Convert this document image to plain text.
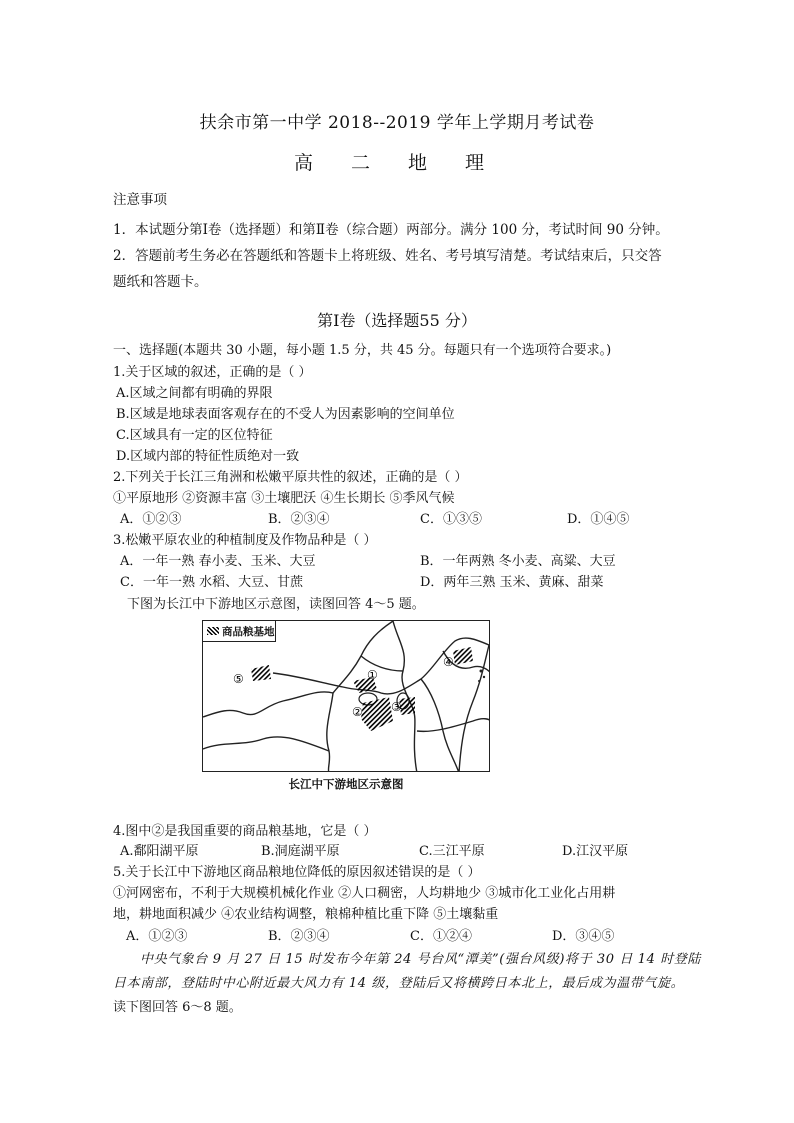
扶余市第一中学 2018--2019 学年上学期月考试卷
高 二 地 理
注意事项
1．本试题分第Ⅰ卷（选择题）和第Ⅱ卷（综合题）两部分。满分 100 分，考试时间 90 分钟。
2．答题前考生务必在答题纸和答题卡上将班级、姓名、考号填写清楚。考试结束后，只交答
题纸和答题卡。
第Ⅰ卷（选择题55 分）
一、选择题(本题共 30 小题，每小题 1.5 分，共 45 分。每题只有一个选项符合要求。)
1.关于区域的叙述，正确的是（ ）
A.区域之间都有明确的界限
B.区域是地球表面客观存在的不受人为因素影响的空间单位
C.区域具有一定的区位特征
D.区域内部的特征性质绝对一致
2.下列关于长江三角洲和松嫩平原共性的叙述，正确的是（ ）
①平原地形 ②资源丰富 ③土壤肥沃 ④生长期长 ⑤季风气候
A．①②③	B．②③④	C．①③⑤	D．①④⑤
3.松嫩平原农业的种植制度及作物品种是（ ）
A．一年一熟 春小麦、玉米、大豆	B．一年两熟 冬小麦、高粱、大豆
C．一年一熟 水稻、大豆、甘蔗	D．两年三熟 玉米、黄麻、甜菜
下图为长江中下游地区示意图，读图回答 4～5 题。
①
② ③
④
⑤
商品粮基地
长江中下游地区示意图
4.图中②是我国重要的商品粮基地，它是（ ）
A.鄱阳湖平原	B.洞庭湖平原	C.三江平原	D.江汉平原
5.关于长江中下游地区商品粮地位降低的原因叙述错误的是（ ）
①河网密布，不利于大规模机械化作业 ②人口稠密，人均耕地少 ③城市化工业化占用耕
地，耕地面积减少 ④农业结构调整，粮棉种植比重下降 ⑤土壤黏重
A．①②③	B．②③④	C．①②④	D．③④⑤
中央气象台 9 月 27 日 15 时发布今年第 24 号台风“潭美”(强台风级)将于 30 日 14 时登陆
日本南部，登陆时中心附近最大风力有 14 级，登陆后又将横跨日本北上，最后成为温带气旋。
读下图回答 6～8 题。
